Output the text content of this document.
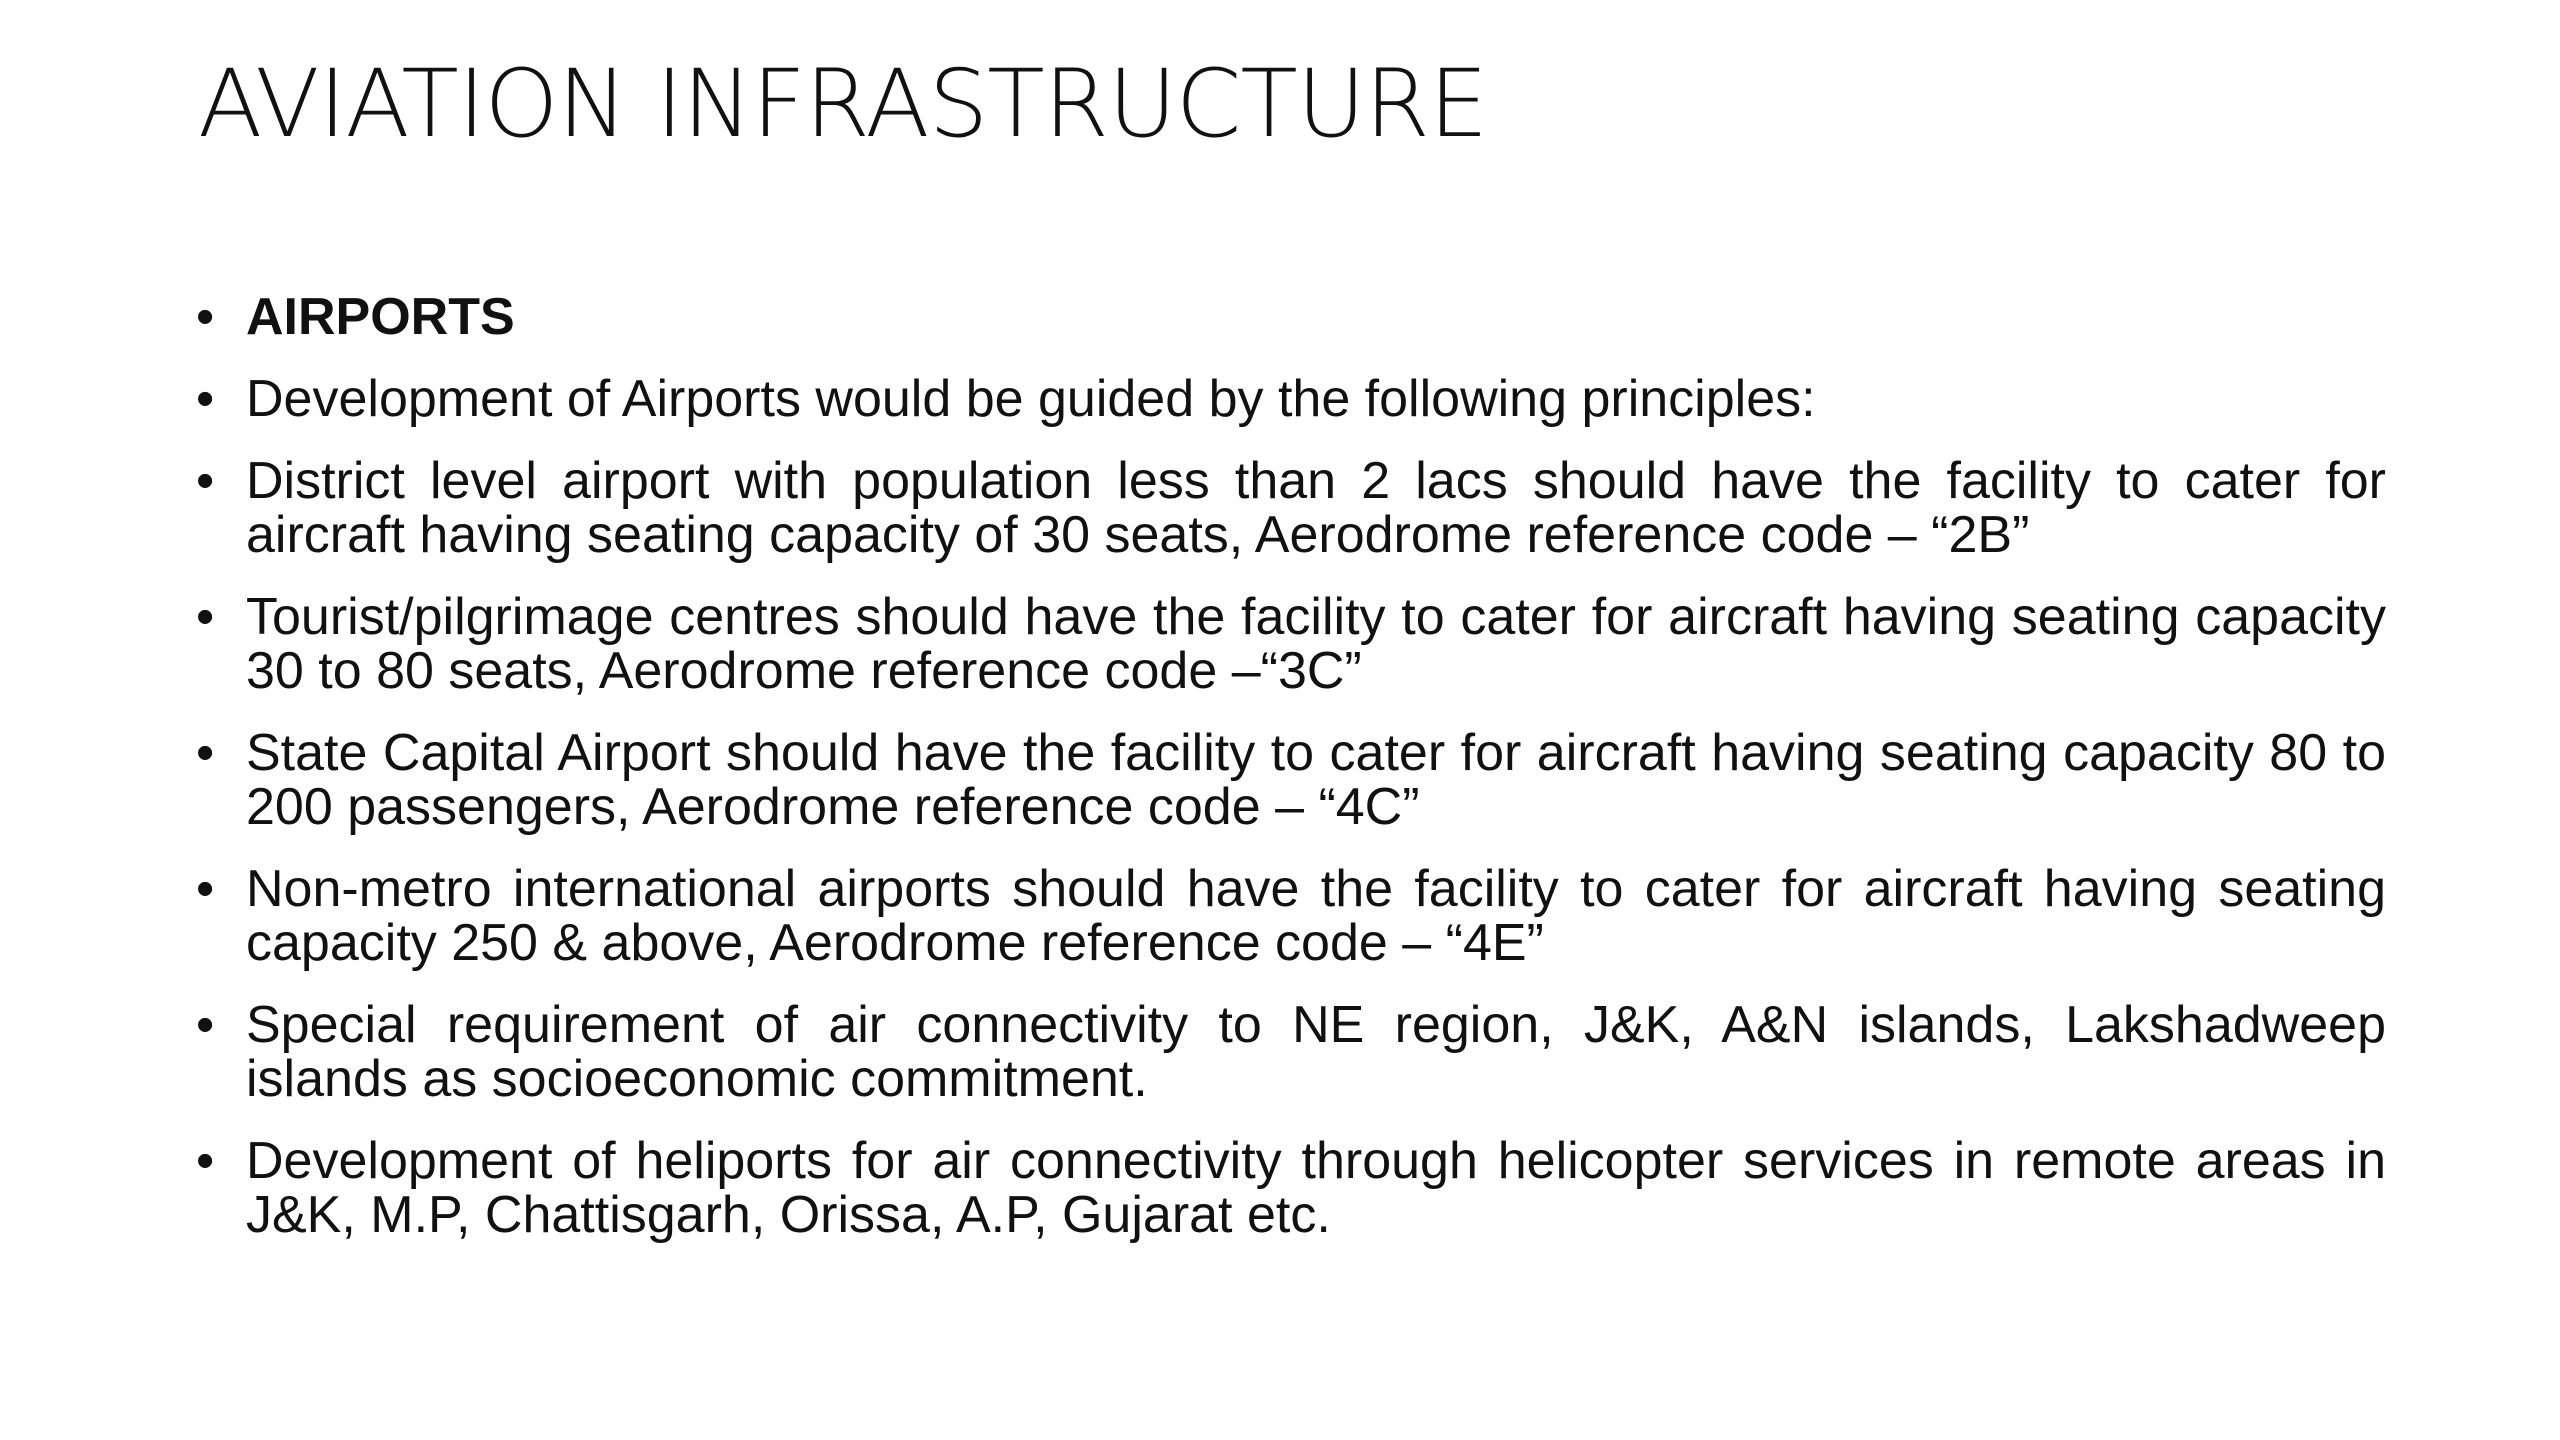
AVIATION INFRASTRUCTURE
• AIRPORTS
• Development of Airports would be guided by the following principles:
• District level airport with population less than 2 lacs should have the facility to cater for aircraft having seating capacity of 30 seats, Aerodrome reference code – “2B”
• Tourist/pilgrimage centres should have the facility to cater for aircraft having seating capacity 30 to 80 seats, Aerodrome reference code –“3C”
• State Capital Airport should have the facility to cater for aircraft having seating capacity 80 to 200 passengers, Aerodrome reference code – “4C”
• Non-metro international airports should have the facility to cater for aircraft having seating capacity 250 & above, Aerodrome reference code – “4E”
• Special requirement of air connectivity to NE region, J&K, A&N islands, Lakshadweep islands as socioeconomic commitment.
• Development of heliports for air connectivity through helicopter services in remote areas in J&K, M.P, Chattisgarh, Orissa, A.P, Gujarat etc.
